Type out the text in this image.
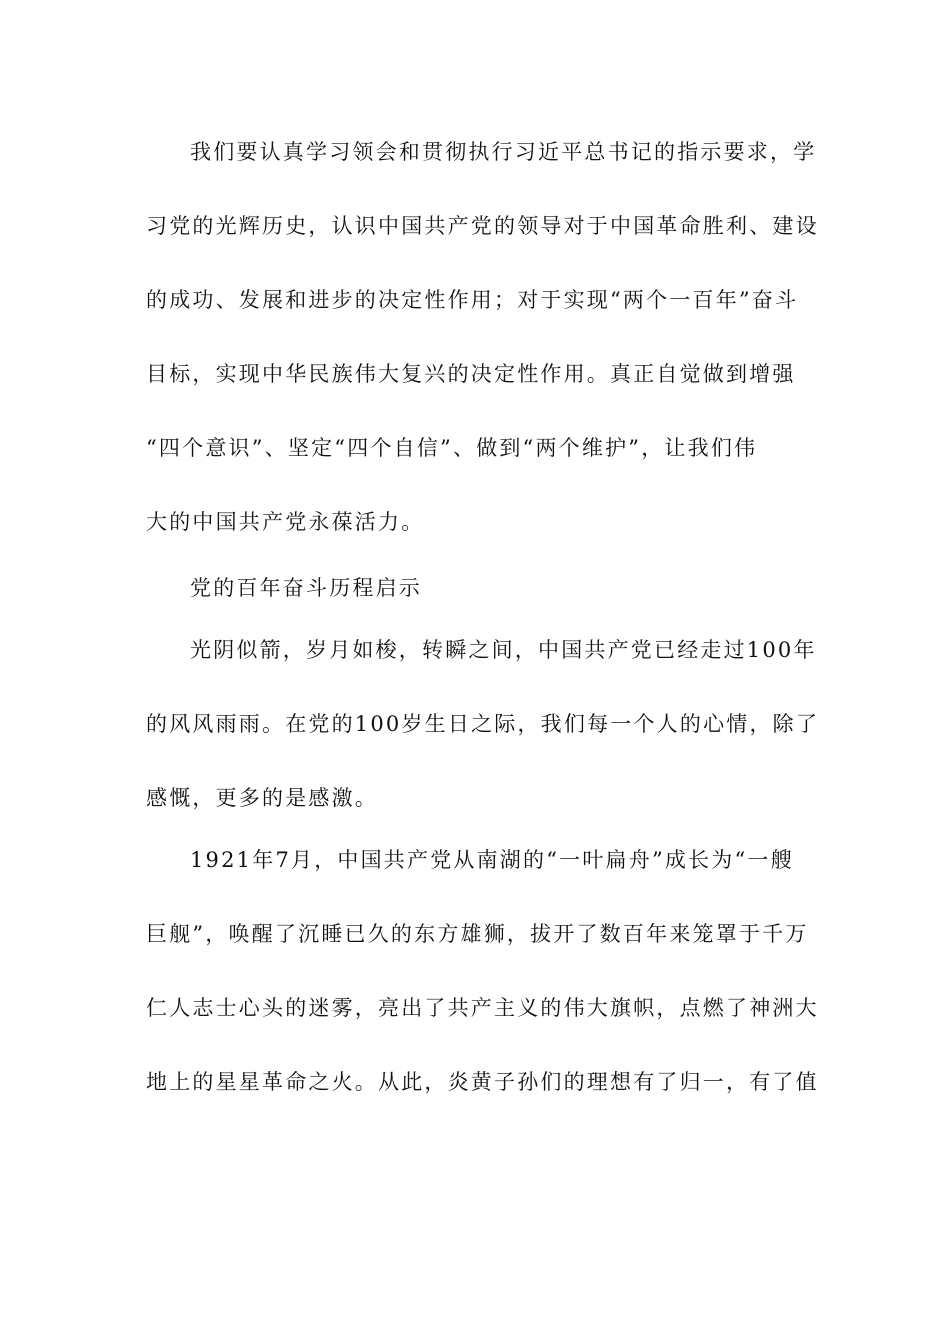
我们要认真学习领会和贯彻执行习近平总书记的指示要求，学
习党的光辉历史，认识中国共产党的领导对于中国革命胜利、建设
的成功、发展和进步的决定性作用；对于实现“两个一百年”奋斗
目标，实现中华民族伟大复兴的决定性作用。真正自觉做到增强
“四个意识”、坚定“四个自信”、做到“两个维护”，让我们伟
大的中国共产党永葆活力。
党的百年奋斗历程启示
光阴似箭，岁月如梭，转瞬之间，中国共产党已经走过100年
的风风雨雨。在党的100岁生日之际，我们每一个人的心情，除了
感慨，更多的是感激。
1921年7月，中国共产党从南湖的“一叶扁舟”成长为“一艘
巨舰”，唤醒了沉睡已久的东方雄狮，拔开了数百年来笼罩于千万
仁人志士心头的迷雾，亮出了共产主义的伟大旗帜，点燃了神洲大
地上的星星革命之火。从此，炎黄子孙们的理想有了归一，有了值
